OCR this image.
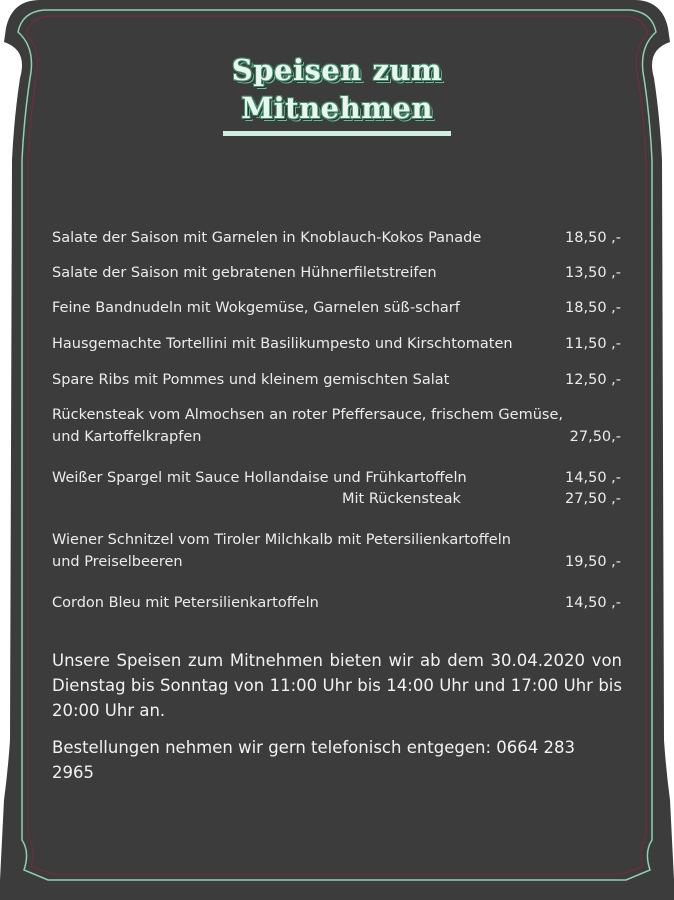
Speisen zum
Mitnehmen
Salate der Saison mit Garnelen in Knoblauch-Kokos Panade	18,50 ,-
Salate der Saison mit gebratenen Hühnerfiletstreifen	13,50 ,-
Feine Bandnudeln mit Wokgemüse, Garnelen süß-scharf	18,50 ,-
Hausgemachte Tortellini mit Basilikumpesto und Kirschtomaten	11,50 ,-
Spare Ribs mit Pommes und kleinem gemischten Salat	12,50 ,-
Rückensteak vom Almochsen an roter Pfeffersauce, frischem Gemüse,
und Kartoffelkrapfen	27,50,-
Weißer Spargel mit Sauce Hollandaise und Frühkartoffeln	14,50 ,-
Mit Rückensteak	27,50 ,-
Wiener Schnitzel vom Tiroler Milchkalb mit Petersilienkartoffeln
und Preiselbeeren	19,50 ,-
Cordon Bleu mit Petersilienkartoffeln	14,50 ,-
Unsere Speisen zum Mitnehmen bieten wir ab dem 30.04.2020 von Dienstag bis Sonntag von 11:00 Uhr bis 14:00 Uhr und 17:00 Uhr bis 20:00 Uhr an.
Bestellungen nehmen wir gern telefonisch entgegen: 0664 283 2965
